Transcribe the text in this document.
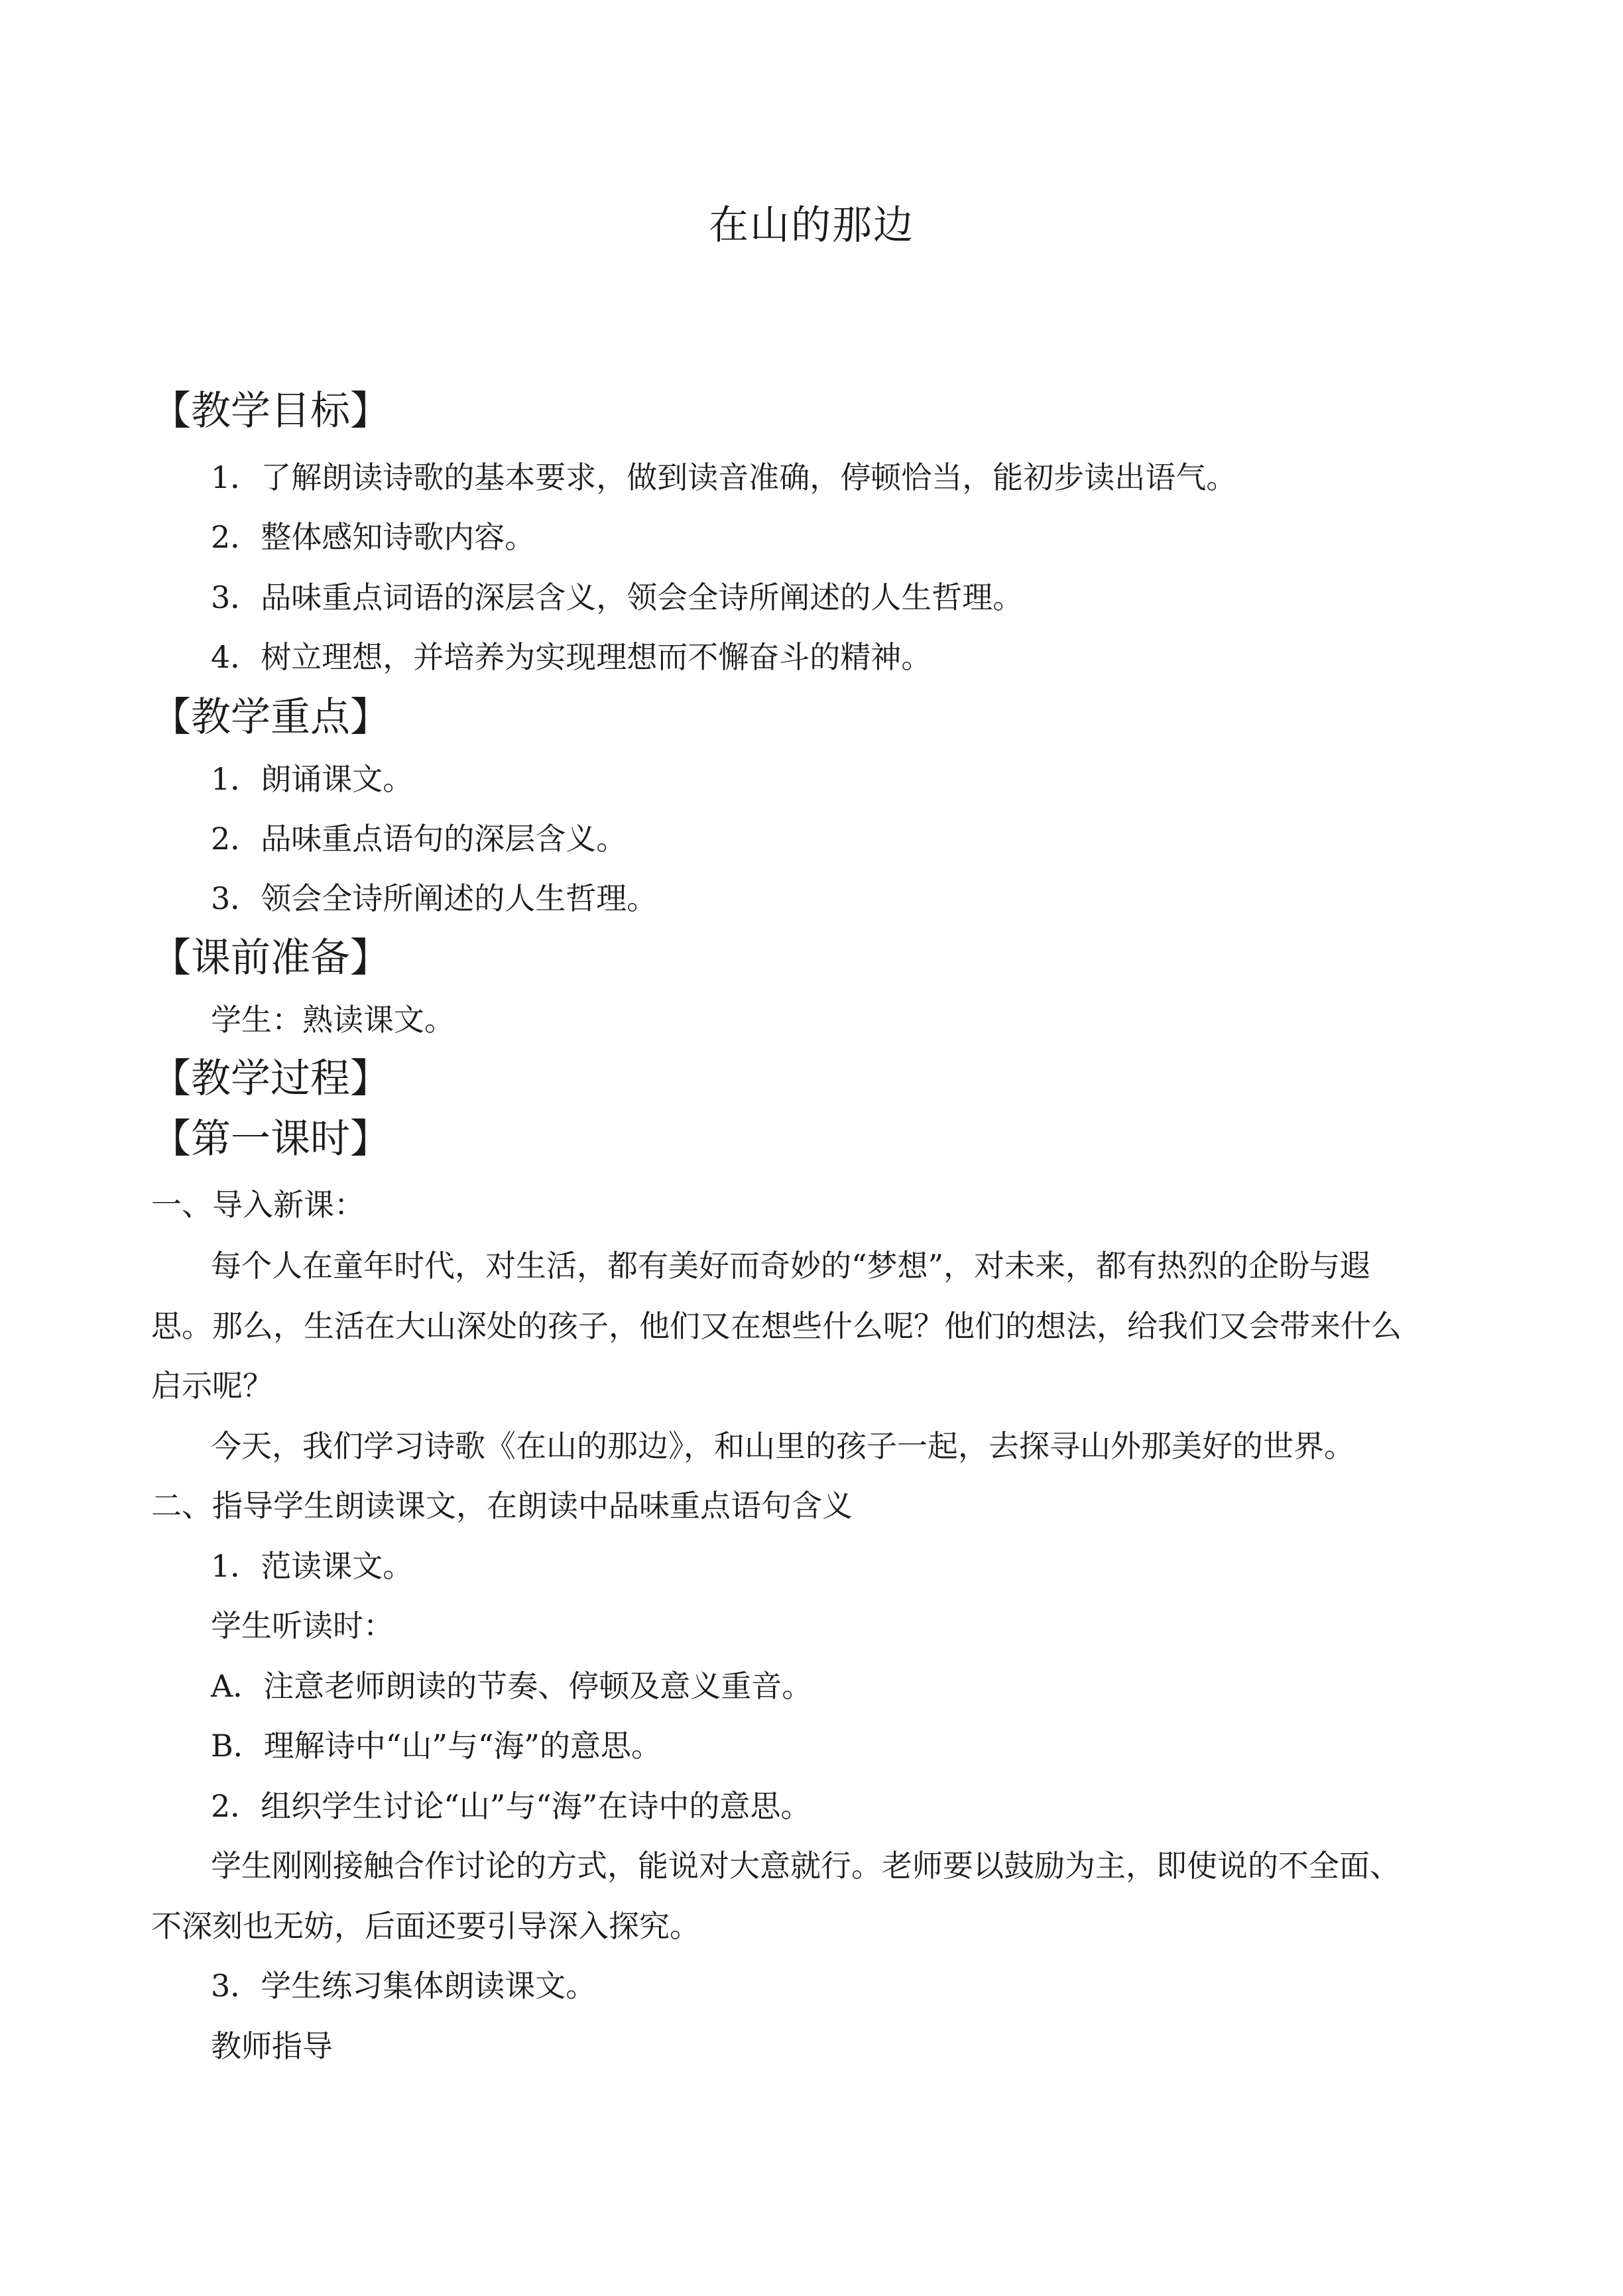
在山的那边
【教学目标】
1．了解朗读诗歌的基本要求，做到读音准确，停顿恰当，能初步读出语气。
2．整体感知诗歌内容。
3．品味重点词语的深层含义，领会全诗所阐述的人生哲理。
4．树立理想，并培养为实现理想而不懈奋斗的精神。
【教学重点】
1．朗诵课文。
2．品味重点语句的深层含义。
3．领会全诗所阐述的人生哲理。
【课前准备】
学生：熟读课文。
【教学过程】
【第一课时】
一、导入新课：
每个人在童年时代，对生活，都有美好而奇妙的“梦想”，对未来，都有热烈的企盼与遐
思。那么，生活在大山深处的孩子，他们又在想些什么呢？他们的想法，给我们又会带来什么
启示呢？
今天，我们学习诗歌《在山的那边》，和山里的孩子一起，去探寻山外那美好的世界。
二、指导学生朗读课文，在朗读中品味重点语句含义
1．范读课文。
学生听读时：
A．注意老师朗读的节奏、停顿及意义重音。
B．理解诗中“山”与“海”的意思。
2．组织学生讨论“山”与“海”在诗中的意思。
学生刚刚接触合作讨论的方式，能说对大意就行。老师要以鼓励为主，即使说的不全面、
不深刻也无妨，后面还要引导深入探究。
3．学生练习集体朗读课文。
教师指导
